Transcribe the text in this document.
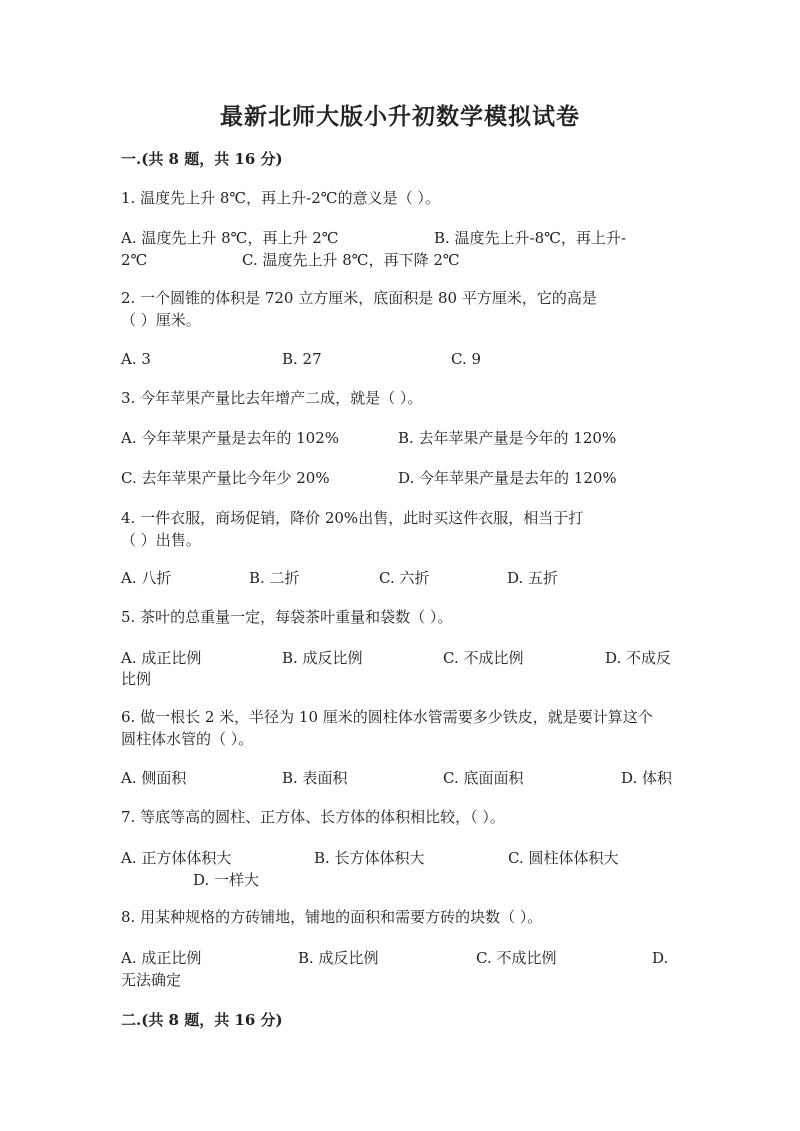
最新北师大版小升初数学模拟试卷
一.(共 8 题，共 16 分)
1. 温度先上升 8℃，再上升-2℃的意义是（ ）。
A. 温度先上升 8℃，再上升 2℃	B. 温度先上升-8℃，再上升-
2℃	C. 温度先上升 8℃，再下降 2℃
2. 一个圆锥的体积是 720 立方厘米，底面积是 80 平方厘米，它的高是
（ ）厘米。
A. 3	B. 27	C. 9
3. 今年苹果产量比去年增产二成，就是（ ）。
A. 今年苹果产量是去年的 102%	B. 去年苹果产量是今年的 120%
C. 去年苹果产量比今年少 20%	D. 今年苹果产量是去年的 120%
4. 一件衣服，商场促销，降价 20%出售，此时买这件衣服，相当于打
（ ）出售。
A. 八折	B. 二折	C. 六折	D. 五折
5. 茶叶的总重量一定，每袋茶叶重量和袋数（ ）。
A. 成正比例	B. 成反比例	C. 不成比例	D. 不成反
比例
6. 做一根长 2 米，半径为 10 厘米的圆柱体水管需要多少铁皮，就是要计算这个
圆柱体水管的（ ）。
A. 侧面积	B. 表面积	C. 底面面积	D. 体积
7. 等底等高的圆柱、正方体、长方体的体积相比较，（ ）。
A. 正方体体积大	B. 长方体体积大	C. 圆柱体体积大
D. 一样大
8. 用某种规格的方砖铺地，铺地的面积和需要方砖的块数（ ）。
A. 成正比例	B. 成反比例	C. 不成比例	D.
无法确定
二.(共 8 题，共 16 分)
